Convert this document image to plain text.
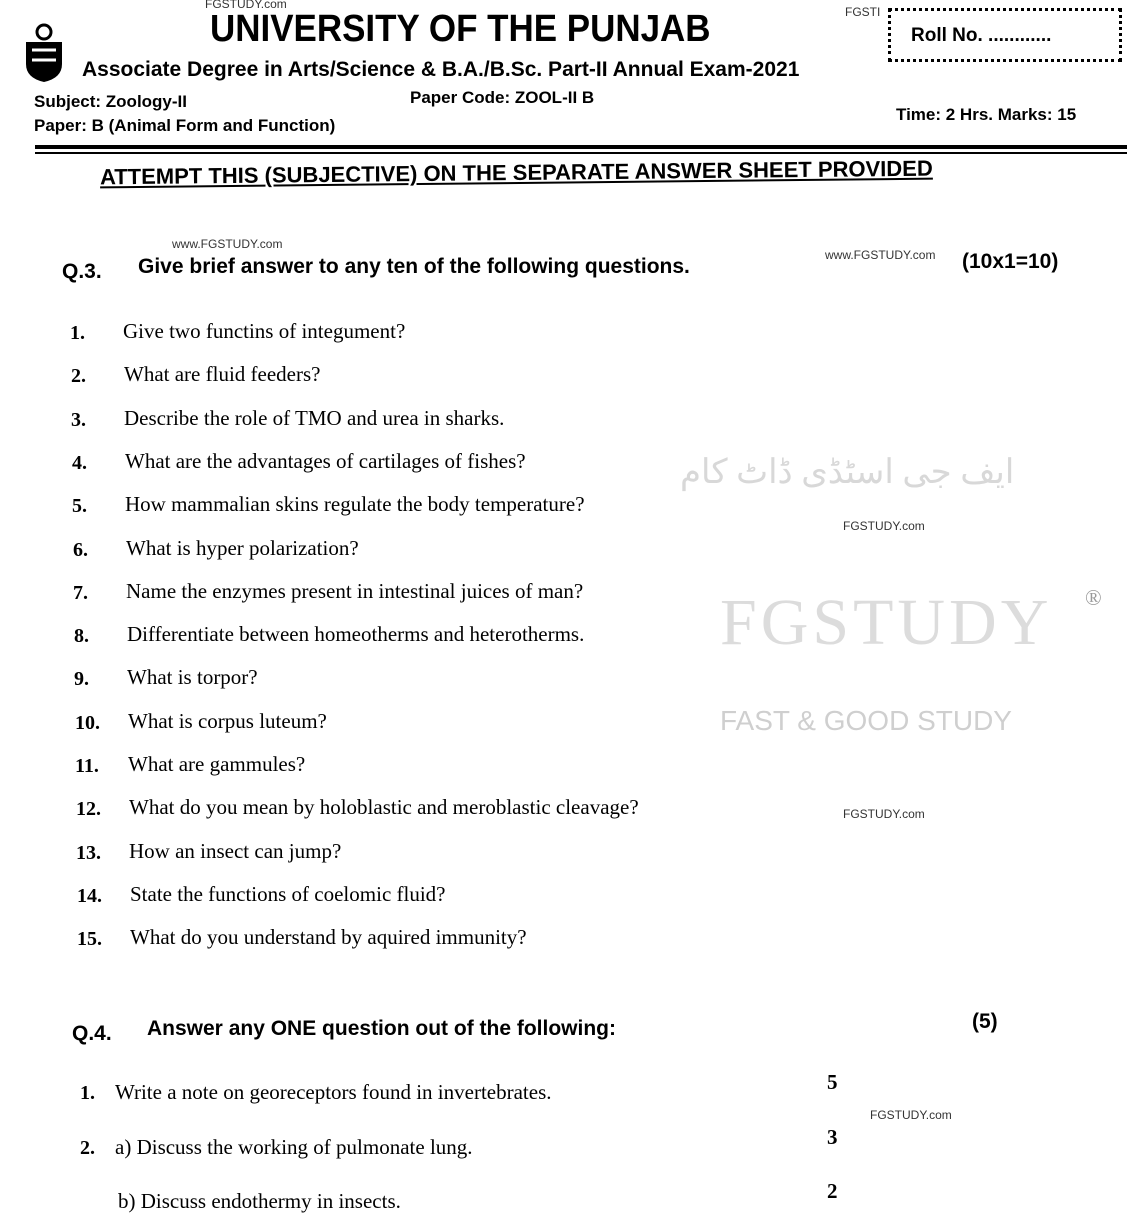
ایف جی اسٹڈی ڈاٹ کام
FGSTUDY ®
FAST & GOOD STUDY
FGSTUDY.com
UNIVERSITY OF THE PUNJAB
Associate Degree in Arts/Science & B.A./B.Sc. Part-II Annual Exam-2021
FGSTI
Roll No. ............
Subject: Zoology-II	Paper Code: ZOOL-II B
Paper: B (Animal Form and Function)
Time: 2 Hrs. Marks: 15
ATTEMPT THIS (SUBJECTIVE) ON THE SEPARATE ANSWER SHEET PROVIDED
www.FGSTUDY.com
www.FGSTUDY.com
Q.3. Give brief answer to any ten of the following questions.	(10x1=10)
1. Give two functins of integument?
2. What are fluid feeders?
3. Describe the role of TMO and urea in sharks.
4. What are the advantages of cartilages of fishes?
5. How mammalian skins regulate the body temperature?
6. What is hyper polarization?
7. Name the enzymes present in intestinal juices of man?
8. Differentiate between homeotherms and heterotherms.
9. What is torpor?
10. What is corpus luteum?
11. What are gammules?
12. What do you mean by holoblastic and meroblastic cleavage?
13. How an insect can jump?
14. State the functions of coelomic fluid?
15. What do you understand by aquired immunity?
FGSTUDY.com
FGSTUDY.com
Q.4. Answer any ONE question out of the following:	(5)
FGSTUDY.com
1. Write a note on georeceptors found in invertebrates.	5
2. a) Discuss the working of pulmonate lung.	3
b) Discuss endothermy in insects.	2
